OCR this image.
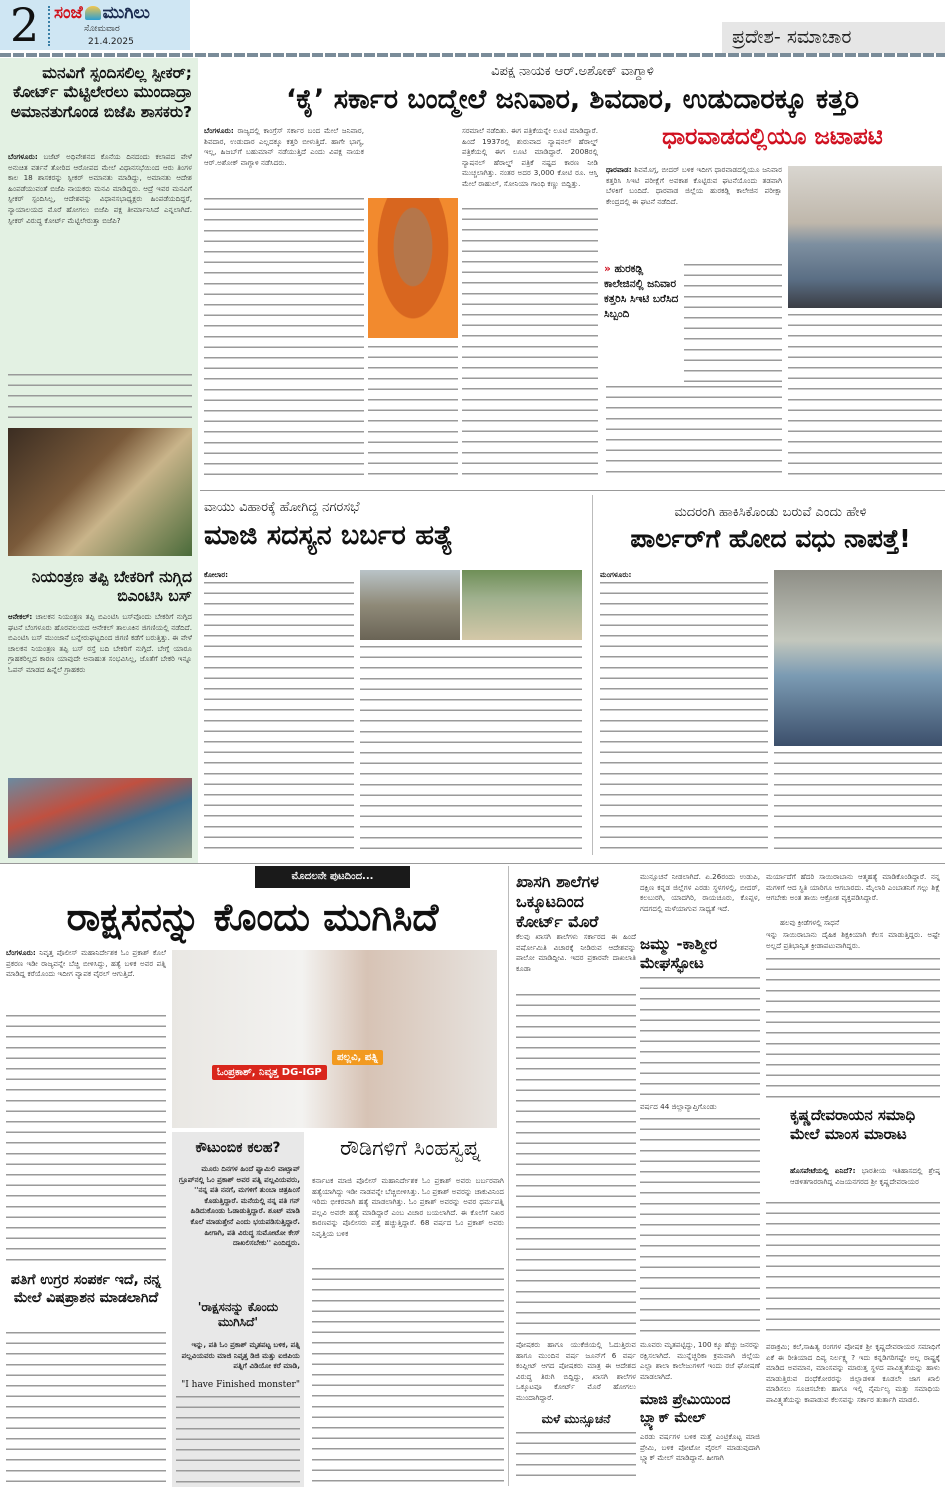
2 ಸಂಜೆ ಮುಗಿಲು
ಸೋಮವಾರ
21.4.2025	ಪ್ರದೇಶ- ಸಮಾಚಾರ
ಮನವಿಗೆ ಸ್ಪಂದಿಸಲಿಲ್ಲ ಸ್ಪೀಕರ್; ಕೋರ್ಟ್ ಮೆಟ್ಟಿಲೇರಲು ಮುಂದಾದ್ರಾ ಅಮಾನತುಗೊಂಡ ಬಿಜೆಪಿ ಶಾಸಕರು?
ಬೆಂಗಳೂರು: ಬಜೆಟ್ ಅಧಿವೇಶನದ ಕೊನೆಯ ದಿನದಂದು ಕಲಾಪದ ವೇಳೆ ಅನುಚಿತ ವರ್ತನೆ ತೋರಿದ ಆರೋಪದ ಮೇಲೆ ವಿಧಾನಸಭೆಯಿಂದ ಆರು ತಿಂಗಳ ಕಾಲ 18 ಶಾಸಕರನ್ನು ಸ್ಪೀಕರ್ ಅಮಾನತು ಮಾಡಿದ್ದು, ಅಮಾನತು ಆದೇಶ ಹಿಂಪಡೆಯುವಂತೆ ಬಿಜೆಪಿ ನಾಯಕರು ಮನವಿ ಮಾಡಿದ್ದರು. ಆದ್ರೆ ಇವರ ಮನವಿಗೆ ಸ್ಪೀಕರ್ ಸ್ಪಂದಿಸಿಲ್ಲ, ಆದೇಶವನ್ನು ವಿಧಾನಸಭಾಧ್ಯಕ್ಷರು ಹಿಂಪಡೆಯದಿದ್ದರೆ, ನ್ಯಾಯಾಲಯದ ಮೊರೆ ಹೋಗಲು ಬಿಜೆಪಿ ಪಕ್ಷ ತೀರ್ಮಾನಿಸಿದೆ ಎನ್ನಲಾಗಿದೆ. ಸ್ಪೀಕರ್ ವಿರುದ್ಧ ಕೋರ್ಟ್ ಮೆಟ್ಟಿಲೇರುತ್ತಾ ಬಿಜೆಪಿ?
ನಿಯಂತ್ರಣ ತಪ್ಪಿ ಬೇಕರಿಗೆ ನುಗ್ಗಿದ ಬಿಎಂಟಿಸಿ ಬಸ್
ಆನೇಕಲ್: ಚಾಲಕನ ನಿಯಂತ್ರಣ ತಪ್ಪಿ ಬಿಎಂಟಿಸಿ ಬಸ್‌ವೊಂದು ಬೇಕರಿಗೆ ನುಗ್ಗಿದ ಘಟನೆ ಬೆಂಗಳೂರು ಹೊರವಲಯದ ಆನೇಕಲ್ ತಾಲೂಕಿನ ಜಿಗಣಿಯಲ್ಲಿ ನಡೆದಿದೆ. ಬಿಎಂಟಿಸಿ ಬಸ್ ಮುಂಜಾನೆ ಬನ್ನೇರುಘಟ್ಟದಿಂದ ಜಿಗಣಿ ಕಡೆಗೆ ಬರುತ್ತಿತ್ತು. ಈ ವೇಳೆ ಚಾಲಕನ ನಿಯಂತ್ರಣ ತಪ್ಪಿ ಬಸ್ ರಸ್ತೆ ಬದಿ ಬೇಕರಿಗೆ ನುಗ್ಗಿದೆ. ಬೇಗ್ಗೆ ಯಾರೂ ಗ್ರಾಹಕರಿಲ್ಲದ ಕಾರಣ ಯಾವುದೇ ಅನಾಹುತ ಸಂಭವಿಸಿಲ್ಲ, ಜೊತೆಗೆ ಬೇಕರಿ ಇನ್ನೂ ಓಪನ್ ಮಾಡದ ಹಿನ್ನೆಲೆ ಗ್ರಾಹಕರು
ವಿಪಕ್ಷ ನಾಯಕ ಆರ್.ಅಶೋಕ್ ವಾಗ್ದಾಳಿ
‘ಕೈ’ ಸರ್ಕಾರ ಬಂದ್ಮೇಲೆ ಜನಿವಾರ, ಶಿವದಾರ, ಉಡುದಾರಕ್ಕೂ ಕತ್ತರಿ
ಬೆಂಗಳೂರು: ರಾಜ್ಯದಲ್ಲಿ ಕಾಂಗ್ರೆಸ್ ಸರ್ಕಾರ ಬಂದ ಮೇಲೆ ಜನಿವಾರ, ಶಿವದಾರ, ಉಡುದಾರ ಎಲ್ಲದಕ್ಕೂ ಕತ್ತರಿ ಬೀಳುತ್ತಿದೆ. ಹಾಗೇ ಭಾಗ್ಯ, ಇಲ್ಲ, ಹಿಜಬ್‌ಗೆ ಬಹುಮಾನ್ ನಡೆಯುತ್ತಿದೆ ಎಂದು ವಿಪಕ್ಷ ನಾಯಕ ಆರ್.ಅಶೋಕ್ ವಾಗ್ದಾಳಿ ನಡೆಸಿದರು.
ಸರಮಾಲೆ ನಡೆದಿತು. ಈಗ ಪತ್ರಿಕೆಯನ್ನೇ ಲೂಟಿ ಮಾಡಿದ್ದಾರೆ. ಹಿಂದೆ 1937ರಲ್ಲಿ ಶುರುವಾದ ನ್ಯಾಷನಲ್ ಹೆರಾಲ್ಡ್ ಪತ್ರಿಕೆಯಲ್ಲಿ ಈಗ ಲೂಟಿ ಮಾಡಿದ್ದಾರೆ. 2008ರಲ್ಲಿ ನ್ಯಾಷನಲ್ ಹೆರಾಲ್ಡ್ ಪತ್ರಿಕೆ ನಷ್ಟದ ಕಾರಣ ನೀಡಿ ಮುಚ್ಚಲಾಗಿತ್ತು. ನಂತರ ಅದರ 3,000 ಕೋಟಿ ರೂ. ಆಸ್ತಿ ಮೇಲೆ ರಾಹುಲ್, ಸೋನಿಯಾ ಗಾಂಧಿ ಕಣ್ಣು ಬಿದ್ದಿತ್ತು.
ಧಾರವಾಡದಲ್ಲಿಯೂ ಜಟಾಪಟಿ
ಧಾರವಾಡ: ಶಿವಮೊಗ್ಗ, ಬೀದರ್ ಬಳಿಕ ಇದೀಗ ಧಾರವಾಡದಲ್ಲಿಯೂ ಜನಿವಾರ ಕತ್ತರಿಸಿ ಸಿಇಟಿ ಪರೀಕ್ಷೆಗೆ ಅವಕಾಶ ಕೊಟ್ಟಿರುವ ಘಟನೆಯೊಂದು ತಡವಾಗಿ ಬೆಳಕಿಗೆ ಬಂದಿದೆ. ಧಾರವಾಡ ಜಿಲ್ಲೆಯ ಹುರಕಡ್ಲಿ ಕಾಲೇಜಿನ ಪರೀಕ್ಷಾ ಕೇಂದ್ರದಲ್ಲಿ ಈ ಘಟನೆ ನಡೆದಿದೆ.
» ಹುರಕಡ್ಲಿ ಕಾಲೇಜಿನಲ್ಲಿ ಜನಿವಾರ ಕತ್ತರಿಸಿ ಸಿಇಟಿ ಬರೆಸಿದ ಸಿಬ್ಬಂದಿ
ವಾಯು ವಿಹಾರಕ್ಕೆ ಹೋಗಿದ್ದ ನಗರಸಭೆ
ಮಾಜಿ ಸದಸ್ಯನ ಬರ್ಬರ ಹತ್ಯೆ
ಕೋಲಾರ:
ಮದರಂಗಿ ಹಾಕಿಸಿಕೊಂಡು ಬರುವೆ ಎಂದು ಹೇಳಿ
ಪಾರ್ಲರ್‌ಗೆ ಹೋದ ವಧು ನಾಪತ್ತೆ!
ಮಂಗಳೂರು:
ಮೊದಲನೇ ಪುಟದಿಂದ...
ರಾಕ್ಷಸನನ್ನು ಕೊಂದು ಮುಗಿಸಿದೆ
ಬೆಂಗಳೂರು: ನಿವೃತ್ತ ಪೊಲೀಸ್ ಮಹಾನಿರ್ದೇಶಕ ಓಂ ಪ್ರಕಾಶ್ ಕೊಲೆ ಪ್ರಕರಣ ಇಡೀ ರಾಜ್ಯವನ್ನೇ ಬೆಚ್ಚಿ ಬೀಳಿಸಿದ್ದು, ಹತ್ಯೆ ಬಳಿಕ ಅವರ ಪತ್ನಿ ಮಾಡಿದ್ದ ಕರೆಯೊಂದು ಇದೀಗ ವ್ಯಾಪಕ ವೈರಲ್ ಆಗುತ್ತಿದೆ.
ಓಂಪ್ರಕಾಶ್, ನಿವೃತ್ತ DG-IGP
ಪಲ್ಲವಿ, ಪತ್ನಿ
ಪತಿಗೆ ಉಗ್ರರ ಸಂಪರ್ಕ ಇದೆ, ನನ್ನ ಮೇಲೆ ವಿಷಪ್ರಾಶನ ಮಾಡಲಾಗಿದೆ
ಕೌಟುಂಬಿಕ ಕಲಹ?
ಮೂರು ದಿನಗಳ ಹಿಂದೆ ಫ್ಯಾಮಿಲಿ ವಾಟ್ಸಾಪ್ ಗ್ರೂಪ್‌ನಲ್ಲಿ ಓಂ ಪ್ರಕಾಶ್ ಅವರ ಪತ್ನಿ ಪಲ್ಲವಿಯವರು, ''ನನ್ನ ಪತಿ ನನಗೆ, ಮಗಳಿಗೆ ತುಂಬಾ ಚಿತ್ರಹಿಂಸೆ ಕೊಡುತ್ತಿದ್ದಾರೆ. ಮನೆಯಲ್ಲಿ ನನ್ನ ಪತಿ ಗನ್ ಹಿಡಿದುಕೊಂಡು ಓಡಾಡುತ್ತಿದ್ದಾರೆ. ಶೂಟ್ ಮಾಡಿ ಕೊಲೆ ಮಾಡುತ್ತೇನೆ ಎಂದು ಭಯಪಡಿಸುತ್ತಿದ್ದಾರೆ. ಹೀಗಾಗಿ, ಪತಿ ವಿರುದ್ಧ ಸುಮೋಟೋ ಕೇಸ್ ದಾಖಲಿಸಬೇಕು'' ಎಂದಿದ್ದರು.
'ರಾಕ್ಷಸನನ್ನು ಕೊಂದು ಮುಗಿಸಿದೆ'
ಇನ್ನು, ಪತಿ ಓಂ ಪ್ರಕಾಶ್ ಮೃತಪಟ್ಟ ಬಳಿಕ, ಪತ್ನಿ ಪಲ್ಲವಿಯವರು ಮಾಜಿ ನಿವೃತ್ತ ಡಿಜಿ ಮತ್ತು ಐಜಿಪಿಯ ಪತ್ನಿಗೆ ವಿಡಿಯೋ ಕರೆ ಮಾಡಿ,
"I have Finished monster"
ರೌಡಿಗಳಿಗೆ ಸಿಂಹಸ್ವಪ್ನ
ಕರ್ನಾಟಕ ಮಾಜಿ ಪೊಲೀಸ್ ಮಹಾನಿರ್ದೇಶಕ ಓಂ ಪ್ರಕಾಶ್ ಅವರು ಬರ್ಬರವಾಗಿ ಹತ್ಯೆಯಾಗಿದ್ದು ಇಡೀ ನಾಡವನ್ನೇ ಬೆಚ್ಚಿಬೀಳಿಸಿತ್ತು. ಓಂ ಪ್ರಕಾಶ್ ಅವರನ್ನು ಚಾಕುವಿನಿಂದ ಇರಿದು ಭೀಕರವಾಗಿ ಹತ್ಯೆ ಮಾಡಲಾಗಿತ್ತು. ಓಂ ಪ್ರಕಾಶ್ ಅವರನ್ನು ಅವರ ಧರ್ಮಪತ್ನಿ ಪಲ್ಲವಿ ಅವರೇ ಹತ್ಯೆ ಮಾಡಿದ್ದಾರೆ ಎಂಬ ವಿಚಾರ ಬಯಲಾಗಿದೆ. ಈ ಕೊಲೆಗೆ ನಿಖರ ಕಾರಣವನ್ನು ಪೊಲೀಸರು ಪತ್ತೆ ಹಚ್ಚುತ್ತಿದ್ದಾರೆ. 68 ವರ್ಷದ ಓಂ ಪ್ರಕಾಶ್ ಅವರು ನಿವೃತ್ತಿಯ ಬಳಿಕ
ಖಾಸಗಿ ಶಾಲೆಗಳ ಒಕ್ಕೂಟದಿಂದ ಕೋರ್ಟ್ ಮೊರೆ
ಕೆಲವು ಖಾಸಗಿ ಶಾಲೆಗಳು ಸರ್ಕಾರದ ಈ ಹಿಂದೆ ವರ್ಷೋಮಿತಿ ವಿಚಾರಕ್ಕೆ ನೀಡಿರುವ ಆದೇಶವನ್ನು ಪಾಲೋ ಮಾಡಿದ್ದೀವಿ. ಇದರ ಪ್ರಕಾರವೇ ದಾಖಲಾತಿ ಕೂಡಾ
ಪೋಷಕರು ಹಾಗೂ ಯುಕೆಜಿಯಲ್ಲಿ ಓದುತ್ತಿರುವ ಹಾಗೂ ಮುಂದಿನ ವರ್ಷ ಜೂನ್‌ಗೆ 6 ವರ್ಷ ಕಂಪ್ಲೀಟ್ ಆಗದ ಪೋಷಕರು ಮಾತ್ರ ಈ ಆದೇಶದ ವಿರುದ್ಧ ತಿರುಗಿ ಬಿದ್ದಿದ್ದು, ಖಾಸಗಿ ಶಾಲೆಗಳ ಒಕ್ಕೂಟವೂ ಕೋರ್ಟ್ ಮೊರೆ ಹೋಗಲು ಮುಂದಾಗಿದ್ದಾರೆ.
ಮಳೆ ಮುನ್ಸೂಚನೆ
ಮುನ್ಸೂಚನೆ ನೀಡಲಾಗಿದೆ. ಏ.26ರಂದು ಉಡುಪಿ, ದಕ್ಷಿಣ ಕನ್ನಡ ಜಿಲ್ಲೆಗಳ ಎರಡು ಸ್ಥಳಗಳಲ್ಲಿ, ಬೀದರ್, ಕಲಬುರಗಿ, ಯಾದಗಿರಿ, ರಾಯಚೂರು, ಕೊಪ್ಪಳ, ಗದಗದಲ್ಲಿ ಮಳೆಯಾಗುವ ಸಾಧ್ಯತೆ ಇದೆ.
ಜಮ್ಮು -ಕಾಶ್ಮೀರ ಮೇಘಸ್ಫೋಟ
ವರ್ಷದ 44 ಜಿಲ್ಲಾವ್ಯಾಪ್ತಿಗೊಂಡು
ಮೂವರು ಮೃತಪಟ್ಟಿದ್ದು, 100 ಕ್ಕೂ ಹೆಚ್ಚು ಜನರನ್ನು ರಕ್ಷಿಸಲಾಗಿದೆ. ಮುನ್ನೆಚ್ಚರಿಕಾ ಕ್ರಮವಾಗಿ ಜಿಲ್ಲೆಯ ಎಲ್ಲಾ ಶಾಲಾ ಕಾಲೇಜುಗಳಿಗೆ ಇಂದು ರಜೆ ಘೋಷಣೆ ಮಾಡಲಾಗಿದೆ.
ಮಾಜಿ ಪ್ರೇಮಿಯಿಂದ ಬ್ಲ್ಯಾಕ್ ಮೇಲ್
ಎರಡು ವರ್ಷಗಳ ಬಳಿಕ ಮತ್ತೆ ಎಂಟ್ರಿಕೊಟ್ಟ ಮಾಜಿ ಪ್ರೇಮಿ, ಬಳಿಕ ಪೋಟೋ ವೈರಲ್ ಮಾಡುವುದಾಗಿ ಬ್ಲ್ಯಾಕ್ ಮೇಲ್ ಮಾಡಿದ್ದಾನೆ. ಹೀಗಾಗಿ
ಮರ್ಯಾದೆಗೆ ಹೆದರಿ ಸಾಯಿರಾಬಾನು ಆತ್ಮಹತ್ಯೆ ಮಾಡಿಕೊಂಡಿದ್ದಾರೆ. ನನ್ನ ಮಗಳಿಗೆ ಆದ ಸ್ಥಿತಿ ಯಾರಿಗೂ ಆಗಬಾರದು. ಮೈಲಾರಿ ಎಂಬಾತನಿಗೆ ಗಲ್ಲು ಶಿಕ್ಷೆ ಆಗಬೇಕು ಅಂತ ತಾಯಿ ಆಕ್ರೋಶ ವ್ಯಕ್ತಪಡಿಸಿದ್ದಾರೆ.
ಹಲವು ಕ್ರೀಡೆಗಳಲ್ಲಿ ಸಾಧನೆ
ಇನ್ನು ಸಾಯಿರಾಬಾನು ದೈಹಿಕ ಶಿಕ್ಷಕಿಯಾಗಿ ಕೆಲಸ ಮಾಡುತ್ತಿದ್ದರು. ಅಷ್ಟೇ ಅಲ್ಲದೆ ಪ್ರತಿಭಾನ್ವಿತ ಕ್ರೀಡಾಪಟುವಾಗಿದ್ದರು.
ಕೃಷ್ಣದೇವರಾಯನ ಸಮಾಧಿ ಮೇಲೆ ಮಾಂಸ ಮಾರಾಟ
ಹೊಸಪೇಟೆಯಲ್ಲಿ ಏನಿದೆ?: ಭಾರತೀಯ ಇತಿಹಾಸದಲ್ಲಿ ಶ್ರೇಷ್ಠ ಆಡಳಿತಗಾರರಾಗಿದ್ದ ವಿಜಯನಗರದ ಶ್ರೀ ಕೃಷ್ಣದೇವರಾಯರ
ಪರಾಕ್ರಮಿ; ಕಲೆ,ಸಾಹಿತ್ಯ ರಂಗಗಳ ಪೋಷಕ ಶ್ರೀ ಕೃಷ್ಣದೇವರಾಯರ ಸಮಾಧಿಗೆ ಏಕೆ ಈ ರೀತಿಯಾದ ದಿವ್ಯ ನಿರ್ಲಕ್ಷ್ಯ ? ಇದು ಕನ್ನಡಿಗರಿಗಷ್ಟೇ ಅಲ್ಲ ರಾಷ್ಟ್ರಕ್ಕೆ ಮಾಡಿದ ಅವಮಾನ, ಮಾಂಸವನ್ನು ಮಾರುತ್ತ ಸ್ಥಳದ ಪಾವಿತ್ರ್ಯತೆಯನ್ನು ಹಾಳು ಮಾಡುತ್ತಿರುವ ದಂಧೆಕೋರರನ್ನು ಜಿಲ್ಲಾಡಳಿತ ಕೂಡಲೇ ಜಾಗ ಖಾಲಿ ಮಾಡಿಸಲು ಸೂಚಿಸಬೇಕು ಹಾಗೂ ಇಲ್ಲಿ ನೈರ್ಮಲ್ಯ ಮತ್ತು ಸಮಾಧಿಯ ಪಾವಿತ್ರ್ಯತೆಯನ್ನು ಕಾಪಾಡುವ ಕೆಲಸವನ್ನು ಸರ್ಕಾರ ತುರ್ತಾಗಿ ಮಾಡಲಿ.
